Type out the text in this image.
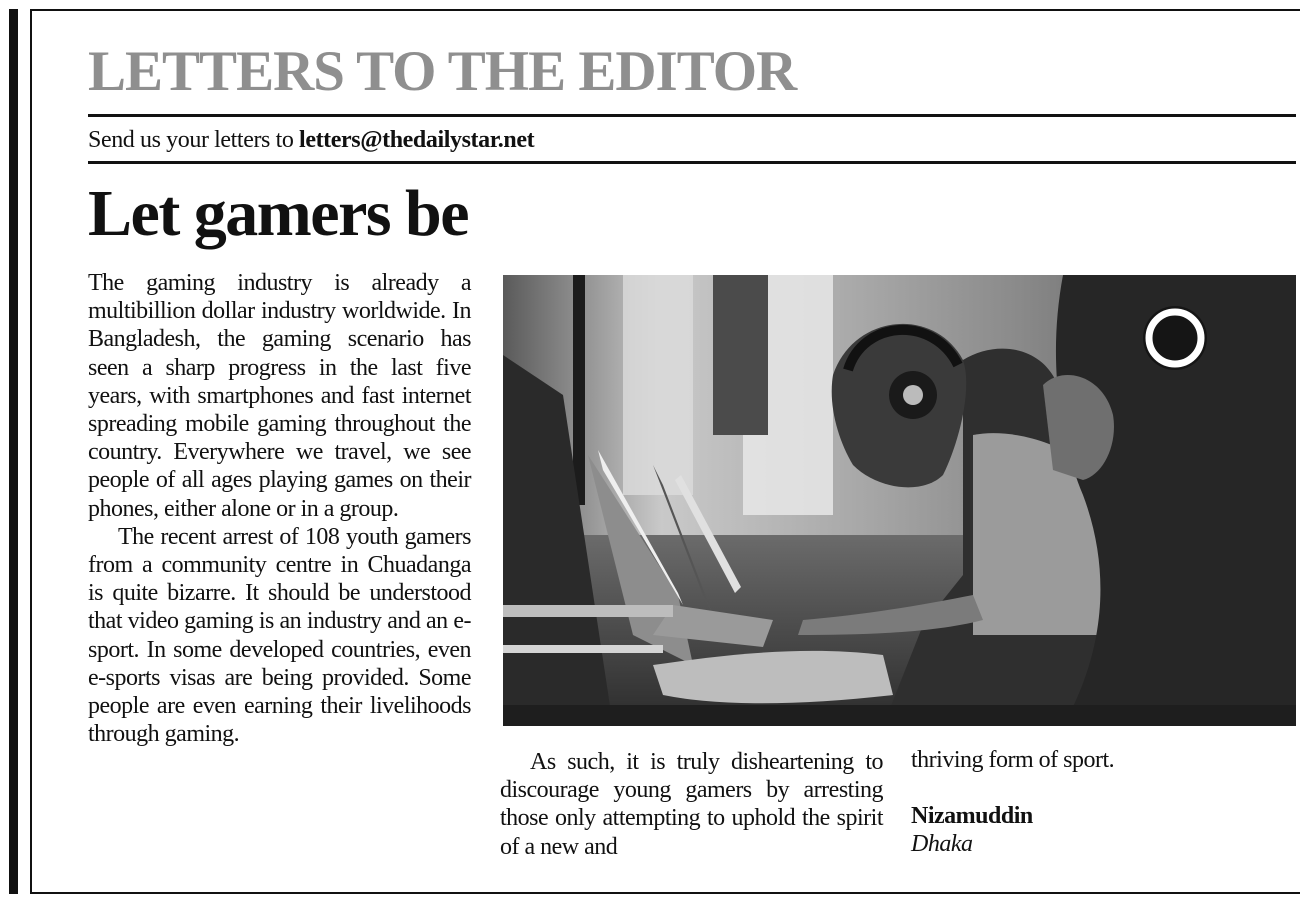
LETTERS TO THE EDITOR
Send us your letters to letters@thedailystar.net
Let gamers be

The gaming industry is already a multibillion dollar industry worldwide. In Bangladesh, the gaming scenario has seen a sharp progress in the last five years, with smartphones and fast internet spreading mobile gaming throughout the country. Everywhere we travel, we see people of all ages playing games on their phones, either alone or in a group.

The recent arrest of 108 youth gamers from a community centre in Chuadanga is quite bizarre. It should be understood that video gaming is an industry and an e-sport. In some developed countries, even e-sports visas are being provided. Some people are even earning their livelihoods through gaming.

As such, it is truly disheartening to discourage young gamers by arresting those only attempting to uphold the spirit of a new and

thriving form of sport.

Nizamuddin

Dhaka
